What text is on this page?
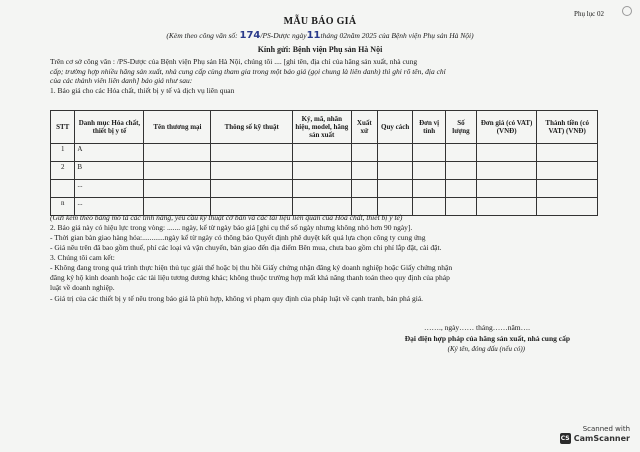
Phụ lục 02
MẪU BÁO GIÁ
(Kèm theo công văn số: 174/PS-Dược ngày11tháng 02năm 2025 của Bệnh viện Phụ sản Hà Nội)
Kính gửi: Bệnh viện Phụ sản Hà Nội
Trên cơ sở công văn : /PS-Dược của Bệnh viện Phụ sản Hà Nội, chúng tôi .... [ghi tên, địa chỉ của hãng sản xuất, nhà cung
cấp; trường hợp nhiều hãng sản xuất, nhà cung cấp cùng tham gia trong một báo giá (gọi chung là liên danh) thì ghi rõ tên, địa chỉ
của các thành viên liên danh] báo giá như sau:
1. Báo giá cho các Hóa chất, thiết bị y tế và dịch vụ liên quan
STT	Danh mục Hóa chất, thiết bị y tế	Tên thương mại	Thông số kỹ thuật	Ký, mã, nhãn hiệu, model, hãng sản xuất	Xuất xứ	Quy cách	Đơn vị tính	Số lượng	Đơn giá (có VAT) (VNĐ)	Thành tiền (có VAT) (VNĐ)
1	A									
2	B									
	...									
n	...									
(Gửi kèm theo bảng mô tả các tính năng, yêu cầu kỹ thuật cơ bản và các tài liệu liên quan của Hóa chất, thiết bị y tế)
2. Báo giá này có hiệu lực trong vòng: ....... ngày, kể từ ngày báo giá [ghi cụ thể số ngày nhưng không nhỏ hơn 90 ngày].
- Thời gian bàn giao hàng hóa:............ngày kể từ ngày có thông báo Quyết định phê duyệt kết quả lựa chọn công ty cung ứng
- Giá nêu trên đã bao gồm thuế, phí các loại và vận chuyển, bàn giao đến địa điểm Bên mua, chưa bao gồm chi phí lắp đặt, cài đặt.
3. Chúng tôi cam kết:
- Không đang trong quá trình thực hiện thủ tục giải thể hoặc bị thu hồi Giấy chứng nhận đăng ký doanh nghiệp hoặc Giấy chứng nhận
đăng ký hộ kinh doanh hoặc các tài liệu tương đương khác; không thuộc trường hợp mất khả năng thanh toán theo quy định của pháp
luật về doanh nghiệp.
- Giá trị của các thiết bị y tế nêu trong báo giá là phù hợp, không vi phạm quy định của pháp luật về cạnh tranh, bán phá giá.
……., ngày…… tháng……năm….
Đại diện hợp pháp của hãng sản xuất, nhà cung cấp
(Ký tên, đóng dấu (nếu có))
Scanned with
CS CamScanner
